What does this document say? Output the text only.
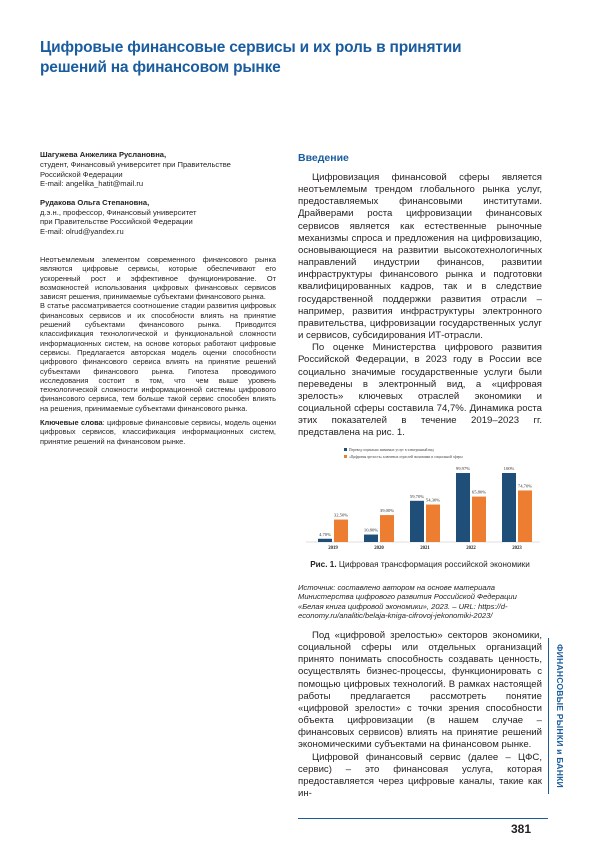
Цифровые финансовые сервисы и их роль в принятии решений на финансовом рынке
Шагужева Анжелика Руслановна,
студент, Финансовый университет при Правительстве
Российской Федерации
E-mail: angelika_hatit@mail.ru
Рудакова Ольга Степановна,
д.э.н., профессор, Финансовый университет
при Правительстве Российской Федерации
E-mail: olrud@yandex.ru

Неотъемлемым элементом современного финансового рынка являются цифровые сервисы, которые обеспечивают его ускоренный рост и эффективное функционирование. От возможностей использования цифровых финансовых сервисов зависят решения, принимаемые субъектами финансового рынка.

В статье рассматривается соотношение стадии развития цифровых финансовых сервисов и их способности влиять на принятие решений субъектами финансового рынка. Приводится классификация технологической и функциональной сложности информационных систем, на основе которых работают цифровые сервисы. Предлагается авторская модель оценки способности цифрового финансового сервиса влиять на принятие решений субъектами финансового рынка. Гипотеза проводимого исследования состоит в том, что чем выше уровень технологической сложности информационной системы цифрового финансового сервиса, тем больше такой сервис способен влиять на решения, принимаемые субъектами финансового рынка.

Ключевые слова: цифровые финансовые сервисы, модель оценки цифровых сервисов, классификация информационных систем, принятие решений на финансовом рынке.

Введение

Цифровизация финансовой сферы является неотъемлемым трендом глобального рынка услуг, предоставляемых финансовыми институтами. Драйверами роста цифровизации финансовых сервисов является как естественные рыночные механизмы спроса и предложения на цифровизацию, основывающиеся на развитии высокотехнологичных направлений индустрии финансов, развитии инфраструктуры финансового рынка и подготовки квалифицированных кадров, так и в следствие государственной поддержки развития отрасли – например, развития инфраструктуры электронного правительства, цифровизации государственных услуг и сервисов, субсидирования ИТ-отрасли.

По оценке Министерства цифрового развития Российской Федерации, в 2023 году в России все социально значимые государственные услуги были переведены в электронный вид, а «цифровая зрелость» ключевых отраслей экономики и социальной сферы составила 74,7%. Динамика роста этих показателей в течение 2019–2023 гг. представлена на рис. 1.

Перевод социально значимых услуг в электронный вид
«Цифровая зрелость» ключевых отраслей экономики и социальной сферы
4,70%
32,50%
2019
10,80%
39,00%
2020
59,70%
54,30%
2021
99,97%
65,80%
2022
100%
74,70%
2023
Рис. 1. Цифровая трансформация российской экономики
Источник: составлено автором на основе материала Министерства цифрового развития Российской Федерации «Белая книга цифровой экономики», 2023. – URL: https://d-economy.ru/analitic/belaja-kniga-cifrovoj-jekonomiki-2023/

Под «цифровой зрелостью» секторов экономики, социальной сферы или отдельных организаций принято понимать способность создавать ценность, осуществлять бизнес-процессы, функционировать с помощью цифровых технологий. В рамках настоящей работы предлагается рассмотреть понятие «цифровой зрелости» с точки зрения способности объекта цифровизации (в нашем случае – финансовых сервисов) влиять на принятие решений экономическими субъектами на финансовом рынке.

Цифровой финансовый сервис (далее – ЦФС, сервис) – это финансовая услуга, которая предоставляется через цифровые каналы, такие как ин-

ФИНАНСОВЫЕ РЫНКИ и БАНКИ
381
